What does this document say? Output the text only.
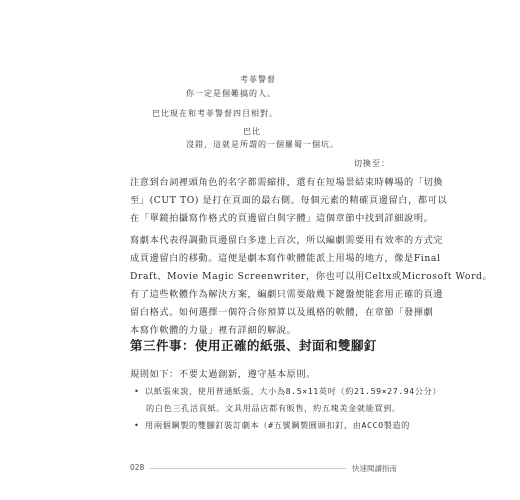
考菲警督
你一定是個難搞的人。
巴比現在和考菲警督四目相對。
巴比
沒錯，這就是所謂的一個羅蜀一個坑。
切換至：
注意到台詞裡頭角色的名字都需縮排，還有在短場景結束時轉場的「切換
至」(CUT TO) 是打在頁面的最右側。每個元素的精確頁邊留白，都可以
在「單鏡拍攝寫作格式的頁邊留白與字體」這個章節中找到詳細說明。
寫劇本代表得調動頁邊留白多達上百次，所以編劇需要用有效率的方式完
成頁邊留白的移動。這便是劇本寫作軟體能派上用場的地方，像是Final
Draft、Movie Magic Screenwriter，你也可以用Celtx或Microsoft Word。
有了這些軟體作為解決方案，編劇只需要敲幾下鍵盤便能套用正確的頁邊
留白格式。如何選擇一個符合你預算以及風格的軟體，在章節「發揮劇
本寫作軟體的力量」裡有詳細的解說。
第三件事：使用正確的紙張、封面和雙腳釘
規則如下：不要太過創新，遵守基本原則。
• 以紙張來說，使用普通紙張、大小為8.5×11英吋（約21.59×27.94公分）
的白色三孔活頁紙。文具用品店都有販售，約五塊美金就能買到。
• 用兩個鋼製的雙腳釘裝訂劇本（#五號鋼製圓頭扣釘，由ACCO製造的
028	快速閱讀指南
